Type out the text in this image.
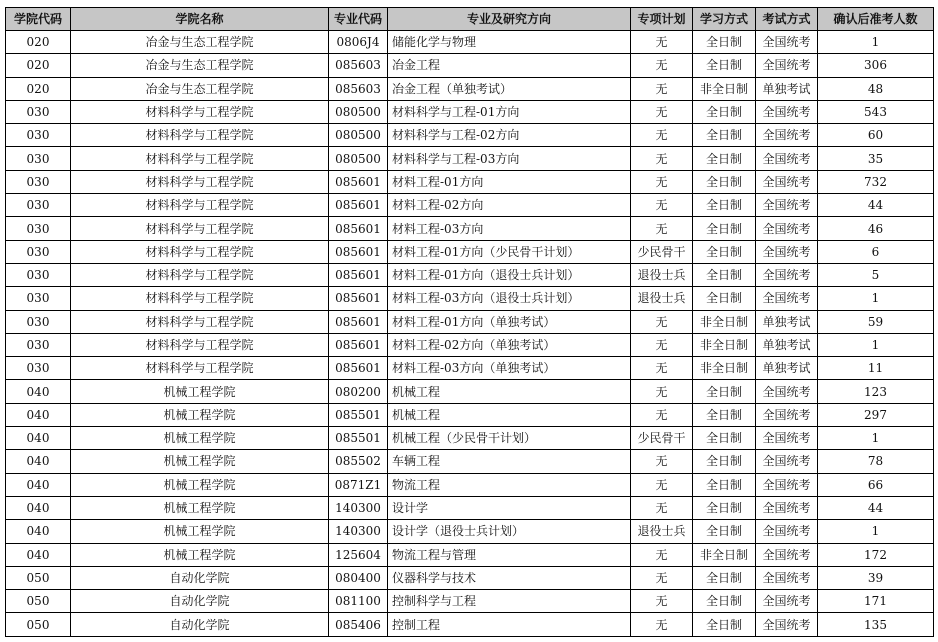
学院代码	学院名称	专业代码	专业及研究方向	专项计划	学习方式	考试方式	确认后准考人数
020	冶金与生态工程学院	0806J4	储能化学与物理	无	全日制	全国统考	1
020	冶金与生态工程学院	085603	冶金工程	无	全日制	全国统考	306
020	冶金与生态工程学院	085603	冶金工程（单独考试）	无	非全日制	单独考试	48
030	材料科学与工程学院	080500	材料科学与工程-01方向	无	全日制	全国统考	543
030	材料科学与工程学院	080500	材料科学与工程-02方向	无	全日制	全国统考	60
030	材料科学与工程学院	080500	材料科学与工程-03方向	无	全日制	全国统考	35
030	材料科学与工程学院	085601	材料工程-01方向	无	全日制	全国统考	732
030	材料科学与工程学院	085601	材料工程-02方向	无	全日制	全国统考	44
030	材料科学与工程学院	085601	材料工程-03方向	无	全日制	全国统考	46
030	材料科学与工程学院	085601	材料工程-01方向（少民骨干计划）	少民骨干	全日制	全国统考	6
030	材料科学与工程学院	085601	材料工程-01方向（退役士兵计划）	退役士兵	全日制	全国统考	5
030	材料科学与工程学院	085601	材料工程-03方向（退役士兵计划）	退役士兵	全日制	全国统考	1
030	材料科学与工程学院	085601	材料工程-01方向（单独考试）	无	非全日制	单独考试	59
030	材料科学与工程学院	085601	材料工程-02方向（单独考试）	无	非全日制	单独考试	1
030	材料科学与工程学院	085601	材料工程-03方向（单独考试）	无	非全日制	单独考试	11
040	机械工程学院	080200	机械工程	无	全日制	全国统考	123
040	机械工程学院	085501	机械工程	无	全日制	全国统考	297
040	机械工程学院	085501	机械工程（少民骨干计划）	少民骨干	全日制	全国统考	1
040	机械工程学院	085502	车辆工程	无	全日制	全国统考	78
040	机械工程学院	0871Z1	物流工程	无	全日制	全国统考	66
040	机械工程学院	140300	设计学	无	全日制	全国统考	44
040	机械工程学院	140300	设计学（退役士兵计划）	退役士兵	全日制	全国统考	1
040	机械工程学院	125604	物流工程与管理	无	非全日制	全国统考	172
050	自动化学院	080400	仪器科学与技术	无	全日制	全国统考	39
050	自动化学院	081100	控制科学与工程	无	全日制	全国统考	171
050	自动化学院	085406	控制工程	无	全日制	全国统考	135
